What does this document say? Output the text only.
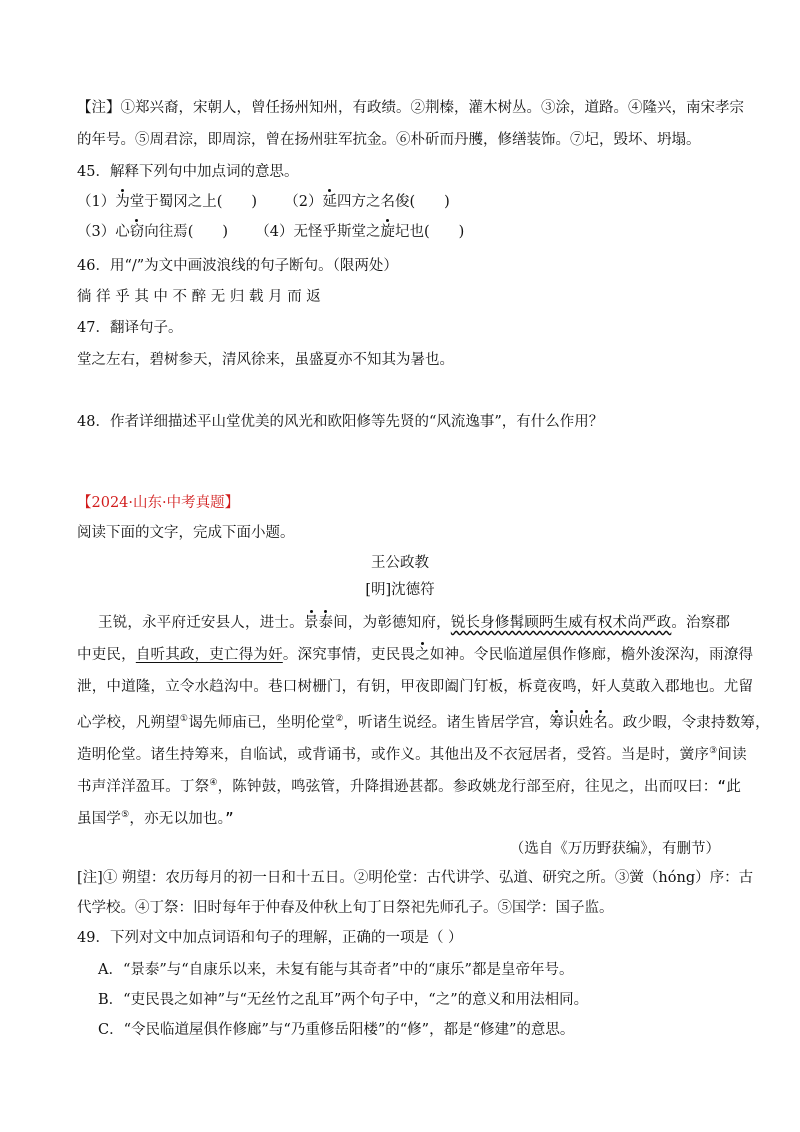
【注】①郑兴裔，宋朝人，曾任扬州知州，有政绩。②荆榛，灌木树丛。③涂，道路。④隆兴，南宋孝宗
的年号。⑤周君淙，即周淙，曾在扬州驻军抗金。⑥朴斫而丹雘，修缮装饰。⑦圮，毁坏、坍塌。
45．解释下列句中加点词的意思。
（1）为堂于蜀冈之上(　　) （2）延四方之名俊(　　)
（3）心窃向往焉(　　) （4）无怪乎斯堂之旋圮也(　　)
46．用“/”为文中画波浪线的句子断句。（限两处）
徜 徉 乎 其 中 不 醉 无 归 载 月 而 返
47．翻译句子。
堂之左右，碧树参天，清风徐来，虽盛夏亦不知其为暑也。
48．作者详细描述平山堂优美的风光和欧阳修等先贤的“风流逸事”，有什么作用？
【2024·山东·中考真题】
阅读下面的文字，完成下面小题。
王公政教
[明]沈德符
王锐，永平府迁安县人，进士。景泰间，为彰德知府，锐长身修髯顾眄生威有权术尚严政。治察郡
中吏民，自听其政，吏亡得为奸。深究事情，吏民畏之如神。令民临道屋俱作修廊，檐外浚深沟，雨潦得
泄，中道隆，立令水趋沟中。巷口树栅门，有钥，甲夜即阖门钉板，柝竟夜鸣，奸人莫敢入郡地也。尤留
心学校，凡朔望①谒先师庙已，坐明伦堂②，听诸生说经。诸生皆居学宫，筹识姓名。政少暇，令隶持数筹，
造明伦堂。诸生持筹来，自临试，或背诵书，或作义。其他出及不衣冠居者，受笞。当是时，黉序③间读
书声洋洋盈耳。丁祭④，陈钟鼓，鸣弦管，升降揖逊甚都。参政姚龙行部至府，往见之，出而叹曰：“此
虽国学⑤，亦无以加也。”
（选自《万历野获编》，有删节）
[注]① 朔望：农历每月的初一日和十五日。②明伦堂：古代讲学、弘道、研究之所。③黉（hóng）序：古
代学校。④丁祭：旧时每年于仲春及仲秋上旬丁日祭祀先师孔子。⑤国学：国子监。
49．下列对文中加点词语和句子的理解，正确的一项是（ ）
A．“景泰”与“自康乐以来，未复有能与其奇者”中的“康乐”都是皇帝年号。
B．“吏民畏之如神”与“无丝竹之乱耳”两个句子中，“之”的意义和用法相同。
C．“令民临道屋俱作修廊”与“乃重修岳阳楼”的“修”，都是“修建”的意思。
